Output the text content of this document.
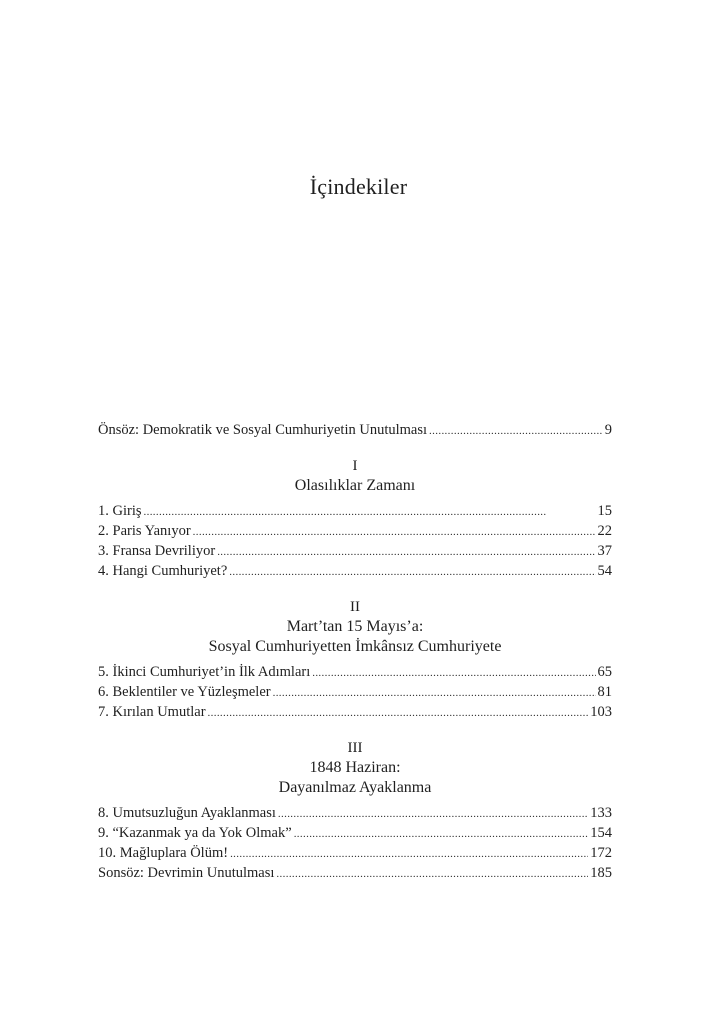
İçindekiler
Önsöz: Demokratik ve Sosyal Cumhuriyetin Unutulması . . .	9
I
Olasılıklar Zamanı
1. Giriş . . .	15
2. Paris Yanıyor . . .	22
3. Fransa Devriliyor . . .	37
4. Hangi Cumhuriyet? . . .	54
II
Mart’tan 15 Mayıs’a:
Sosyal Cumhuriyetten İmkânsız Cumhuriyete
5. İkinci Cumhuriyet’in İlk Adımları . . .	65
6. Beklentiler ve Yüzleşmeler . . .	81
7. Kırılan Umutlar . . .	103
III
1848 Haziran:
Dayanılmaz Ayaklanma
8. Umutsuzluğun Ayaklanması . . .	133
9. “Kazanmak ya da Yok Olmak” . . .	154
10. Mağluplara Ölüm! . . .	172
Sonsöz: Devrimin Unutulması . . .	185
